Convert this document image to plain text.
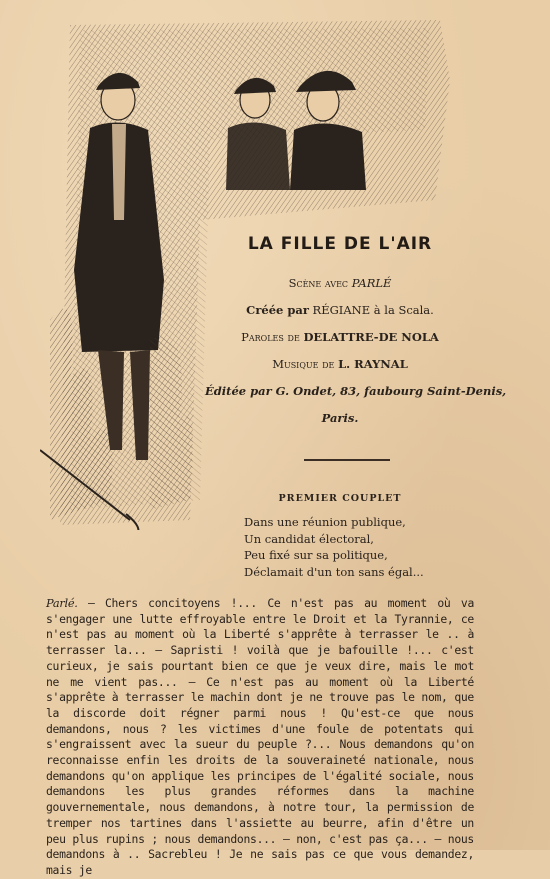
LA FILLE DE L'AIR
Scène avec PARLÉ
Créée par RÉGIANE à la Scala.
Paroles de DELATTRE-DE NOLA
Musique de L. RAYNAL
Éditée par G. Ondet, 83, faubourg Saint-Denis,
Paris.
PREMIER COUPLET
Dans une réunion publique,
Un candidat électoral,
Peu fixé sur sa politique,
Déclamait d'un ton sans égal...
Parlé. — Chers concitoyens !... Ce n'est pas au moment où va s'engager une lutte effroyable entre le Droit et la Tyrannie, ce n'est pas au moment où la Liberté s'apprête à terrasser le .. à terrasser la... — Sapristi ! voilà que je bafouille !... c'est curieux, je sais pourtant bien ce que je veux dire, mais le mot ne me vient pas... — Ce n'est pas au moment où la Liberté s'apprête à terrasser le machin dont je ne trouve pas le nom, que la discorde doit régner parmi nous ! Qu'est-ce que nous demandons, nous ? les victimes d'une foule de potentats qui s'engraissent avec la sueur du peuple ?... Nous demandons qu'on reconnaisse enfin les droits de la souveraineté nationale, nous demandons qu'on applique les principes de l'égalité sociale, nous demandons les plus grandes réformes dans la machine gouvernementale, nous demandons, à notre tour, la permission de tremper nos tartines dans l'assiette au beurre, afin d'être un peu plus rupins ; nous demandons... — non, c'est pas ça... — nous demandons à .. Sacrebleu ! Je ne sais pas ce que vous demandez, mais je
